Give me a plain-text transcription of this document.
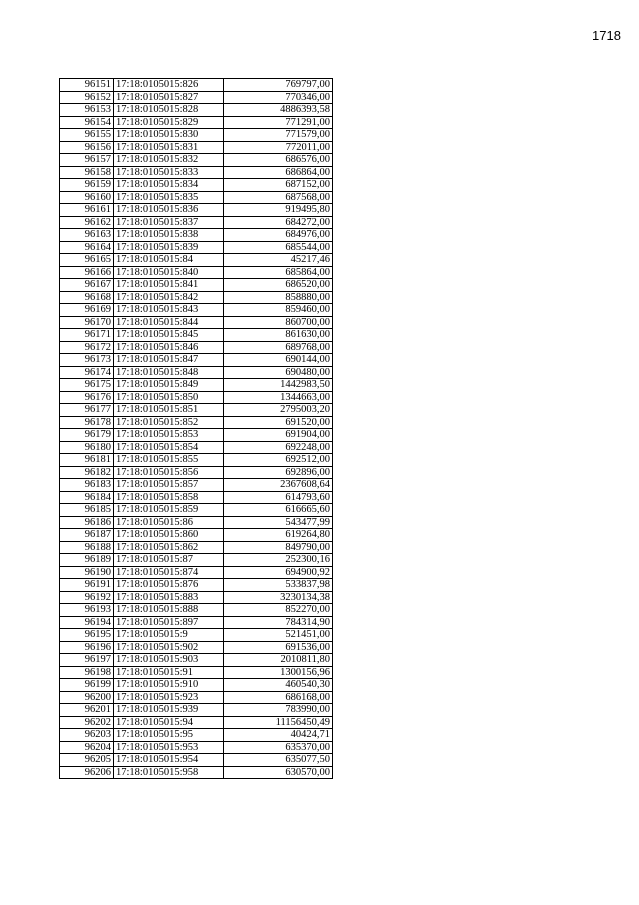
1718
96151	17:18:0105015:826	769797,00
96152	17:18:0105015:827	770346,00
96153	17:18:0105015:828	4886393,58
96154	17:18:0105015:829	771291,00
96155	17:18:0105015:830	771579,00
96156	17:18:0105015:831	772011,00
96157	17:18:0105015:832	686576,00
96158	17:18:0105015:833	686864,00
96159	17:18:0105015:834	687152,00
96160	17:18:0105015:835	687568,00
96161	17:18:0105015:836	919495,80
96162	17:18:0105015:837	684272,00
96163	17:18:0105015:838	684976,00
96164	17:18:0105015:839	685544,00
96165	17:18:0105015:84	45217,46
96166	17:18:0105015:840	685864,00
96167	17:18:0105015:841	686520,00
96168	17:18:0105015:842	858880,00
96169	17:18:0105015:843	859460,00
96170	17:18:0105015:844	860700,00
96171	17:18:0105015:845	861630,00
96172	17:18:0105015:846	689768,00
96173	17:18:0105015:847	690144,00
96174	17:18:0105015:848	690480,00
96175	17:18:0105015:849	1442983,50
96176	17:18:0105015:850	1344663,00
96177	17:18:0105015:851	2795003,20
96178	17:18:0105015:852	691520,00
96179	17:18:0105015:853	691904,00
96180	17:18:0105015:854	692248,00
96181	17:18:0105015:855	692512,00
96182	17:18:0105015:856	692896,00
96183	17:18:0105015:857	2367608,64
96184	17:18:0105015:858	614793,60
96185	17:18:0105015:859	616665,60
96186	17:18:0105015:86	543477,99
96187	17:18:0105015:860	619264,80
96188	17:18:0105015:862	849790,00
96189	17:18:0105015:87	252300,16
96190	17:18:0105015:874	694900,92
96191	17:18:0105015:876	533837,98
96192	17:18:0105015:883	3230134,38
96193	17:18:0105015:888	852270,00
96194	17:18:0105015:897	784314,90
96195	17:18:0105015:9	521451,00
96196	17:18:0105015:902	691536,00
96197	17:18:0105015:903	2010811,80
96198	17:18:0105015:91	1300156,96
96199	17:18:0105015:910	460540,30
96200	17:18:0105015:923	686168,00
96201	17:18:0105015:939	783990,00
96202	17:18:0105015:94	11156450,49
96203	17:18:0105015:95	40424,71
96204	17:18:0105015:953	635370,00
96205	17:18:0105015:954	635077,50
96206	17:18:0105015:958	630570,00
